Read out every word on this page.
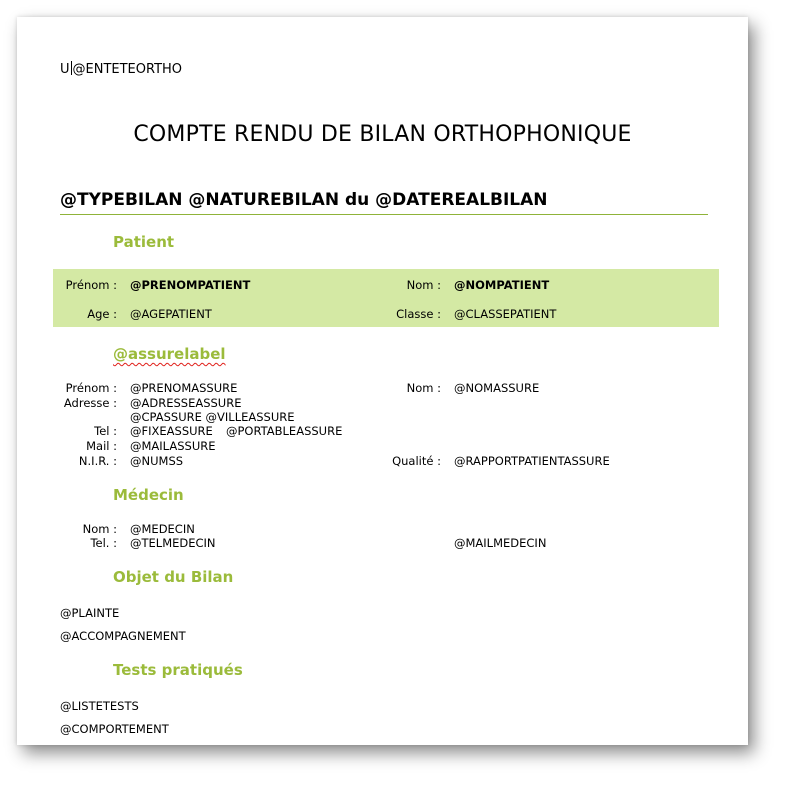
U @ENTETEORTHO
COMPTE RENDU DE BILAN ORTHOPHONIQUE
@TYPEBILAN @NATUREBILAN du @DATEREALBILAN
Patient
Prénom : @PRENOMPATIENT	Nom : @NOMPATIENT
Age : @AGEPATIENT	Classe : @CLASSEPATIENT
@assurelabel
Prénom : @PRENOMASSURE	Nom : @NOMASSURE
Adresse : @ADRESSEASSURE
@CPASSURE @VILLEASSURE
Tel : @FIXEASSURE @PORTABLEASSURE
Mail : @MAILASSURE
N.I.R. : @NUMSS	Qualité : @RAPPORTPATIENTASSURE
Médecin
Nom : @MEDECIN
Tel. : @TELMEDECIN	@MAILMEDECIN
Objet du Bilan
@PLAINTE
@ACCOMPAGNEMENT
Tests pratiqués
@LISTETESTS
@COMPORTEMENT
